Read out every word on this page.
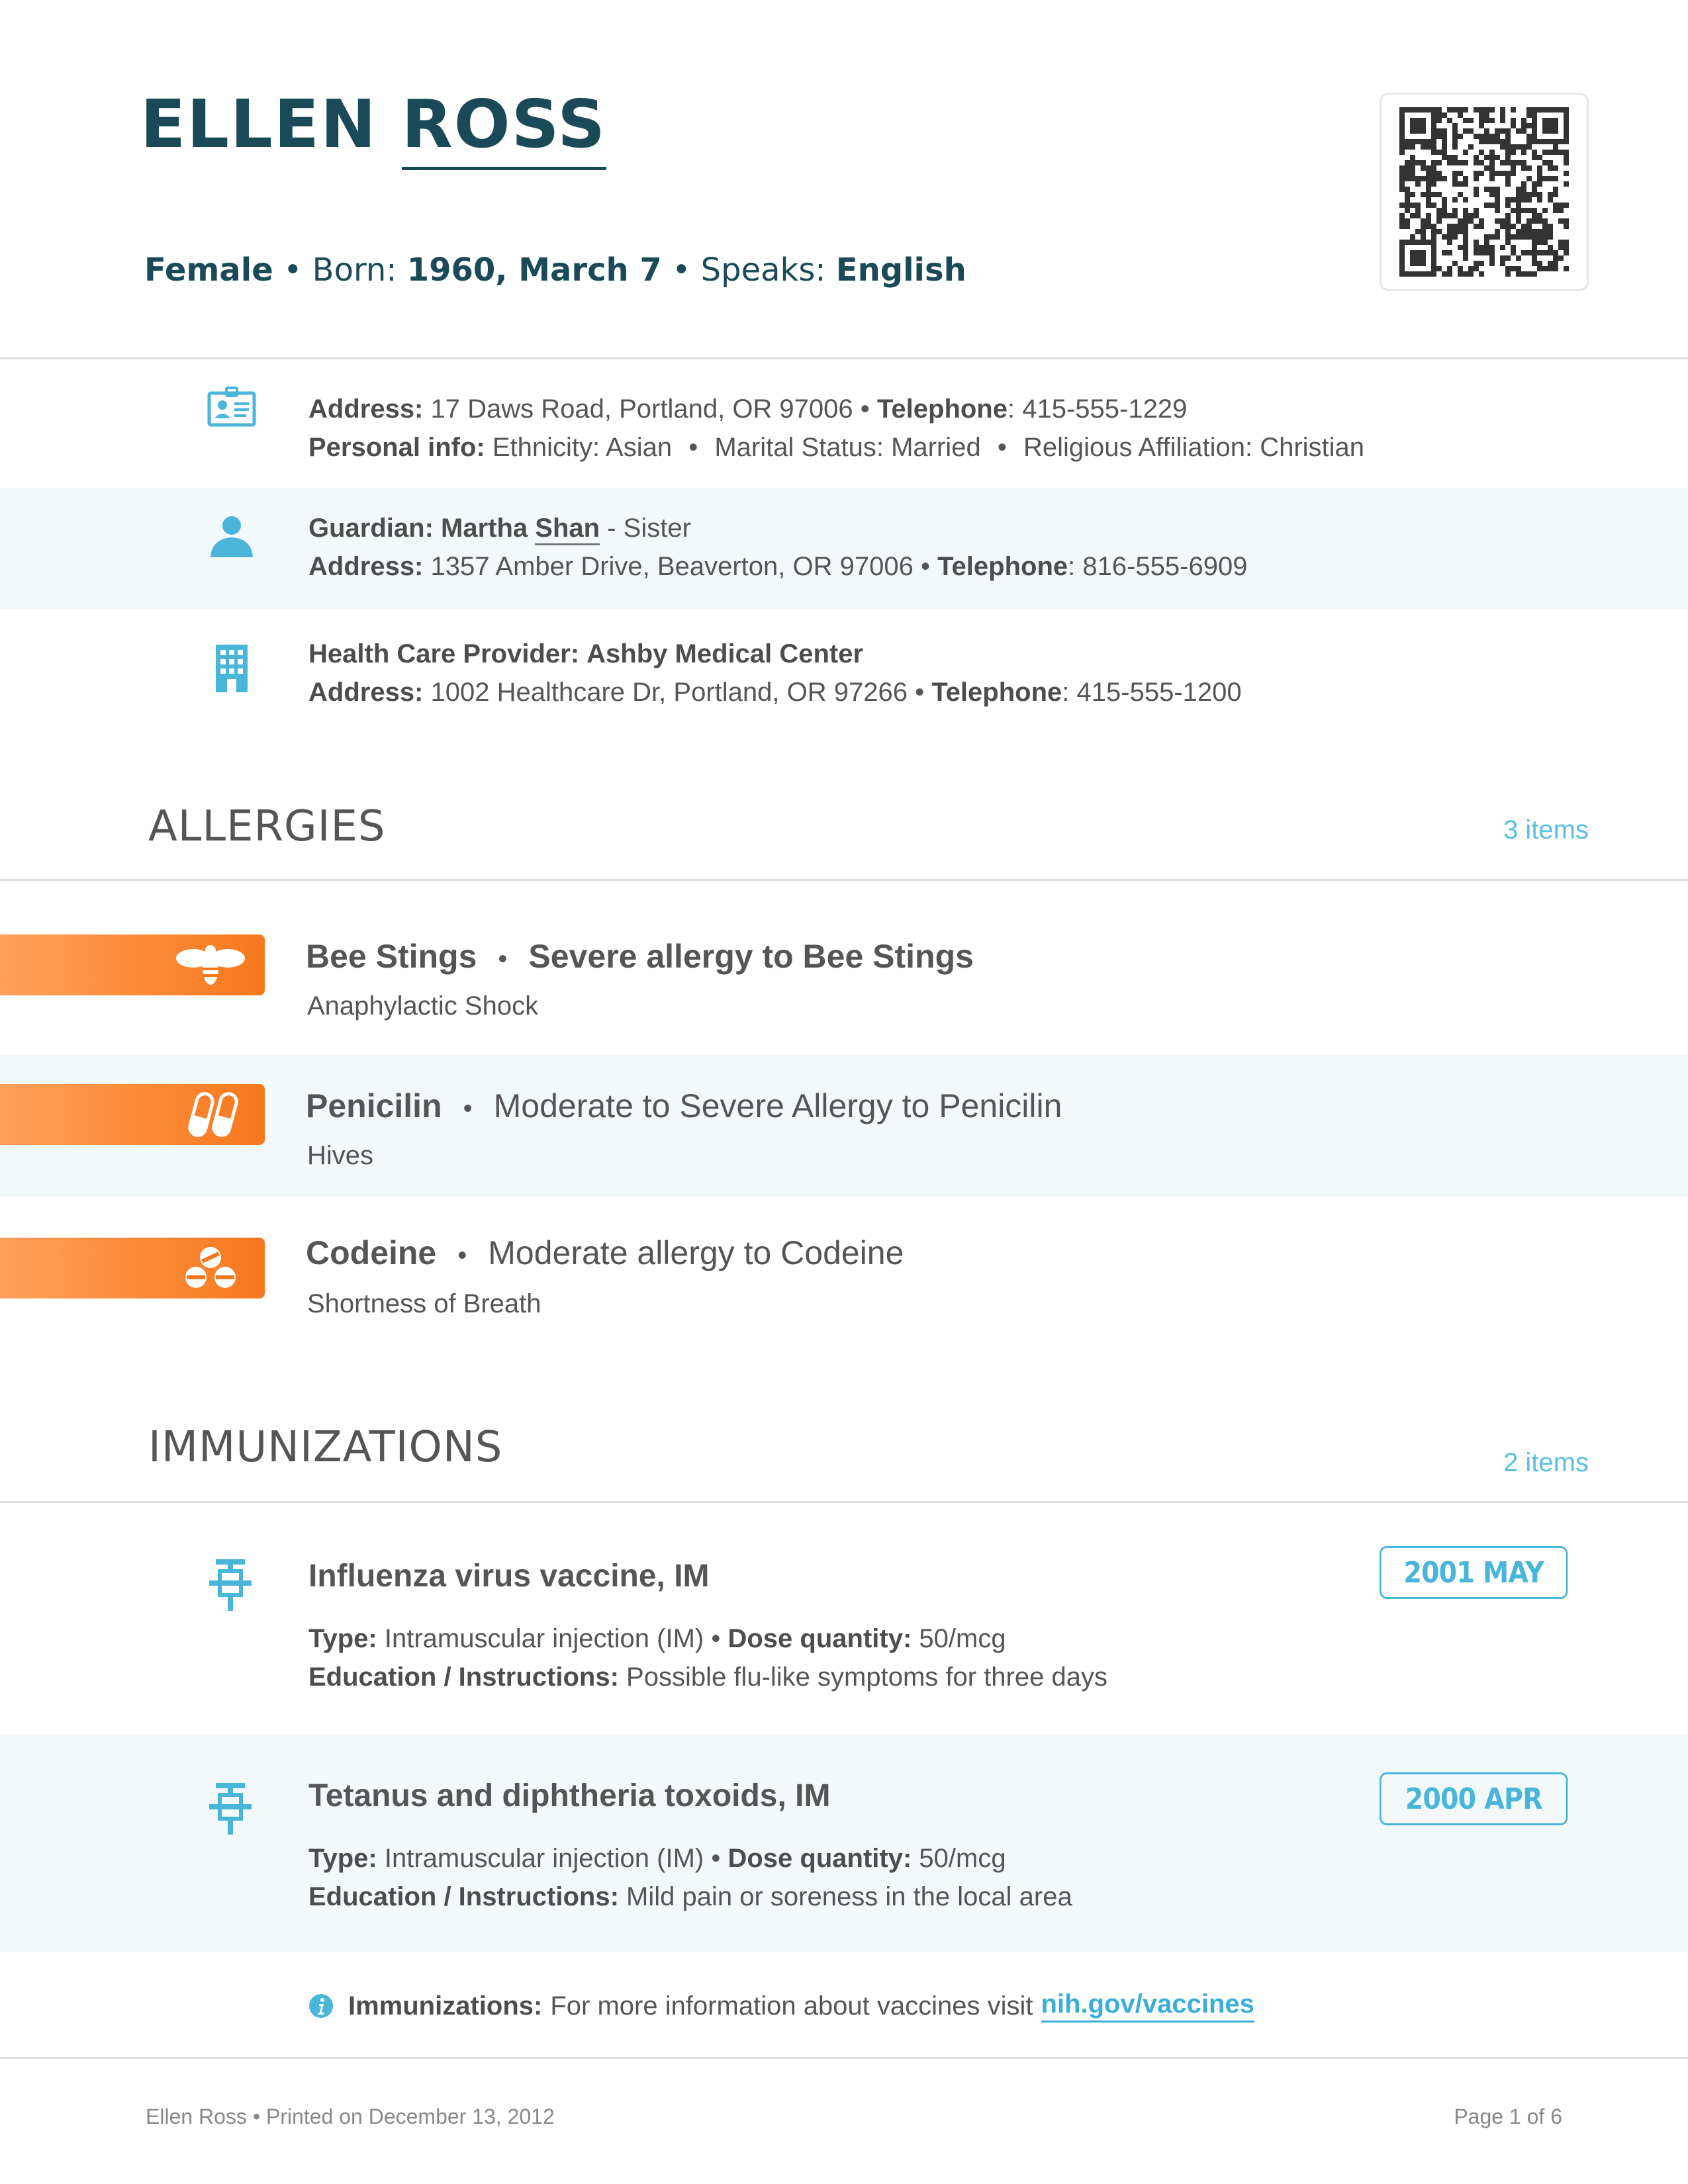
ELLEN ROSS
Female • Born: 1960, March 7 • Speaks: English
Address: 17 Daws Road, Portland, OR 97006 • Telephone: 415-555-1229
Personal info: Ethnicity: Asian • Marital Status: Married • Religious Affiliation: Christian
Guardian: Martha Shan - Sister
Address: 1357 Amber Drive, Beaverton, OR 97006 • Telephone: 816-555-6909
Health Care Provider: Ashby Medical Center
Address: 1002 Healthcare Dr, Portland, OR 97266 • Telephone: 415-555-1200
ALLERGIES	3 items
Bee Stings • Severe allergy to Bee Stings
Anaphylactic Shock
Penicilin • Moderate to Severe Allergy to Penicilin
Hives
Codeine • Moderate allergy to Codeine
Shortness of Breath
IMMUNIZATIONS	2 items
Influenza virus vaccine, IM	2001 MAY
Type: Intramuscular injection (IM) • Dose quantity: 50/mcg
Education / Instructions: Possible flu-like symptoms for three days
Tetanus and diphtheria toxoids, IM	2000 APR
Type: Intramuscular injection (IM) • Dose quantity: 50/mcg
Education / Instructions: Mild pain or soreness in the local area
Immunizations: For more information about vaccines visit nih.gov/vaccines
Ellen Ross • Printed on December 13, 2012	Page 1 of 6
